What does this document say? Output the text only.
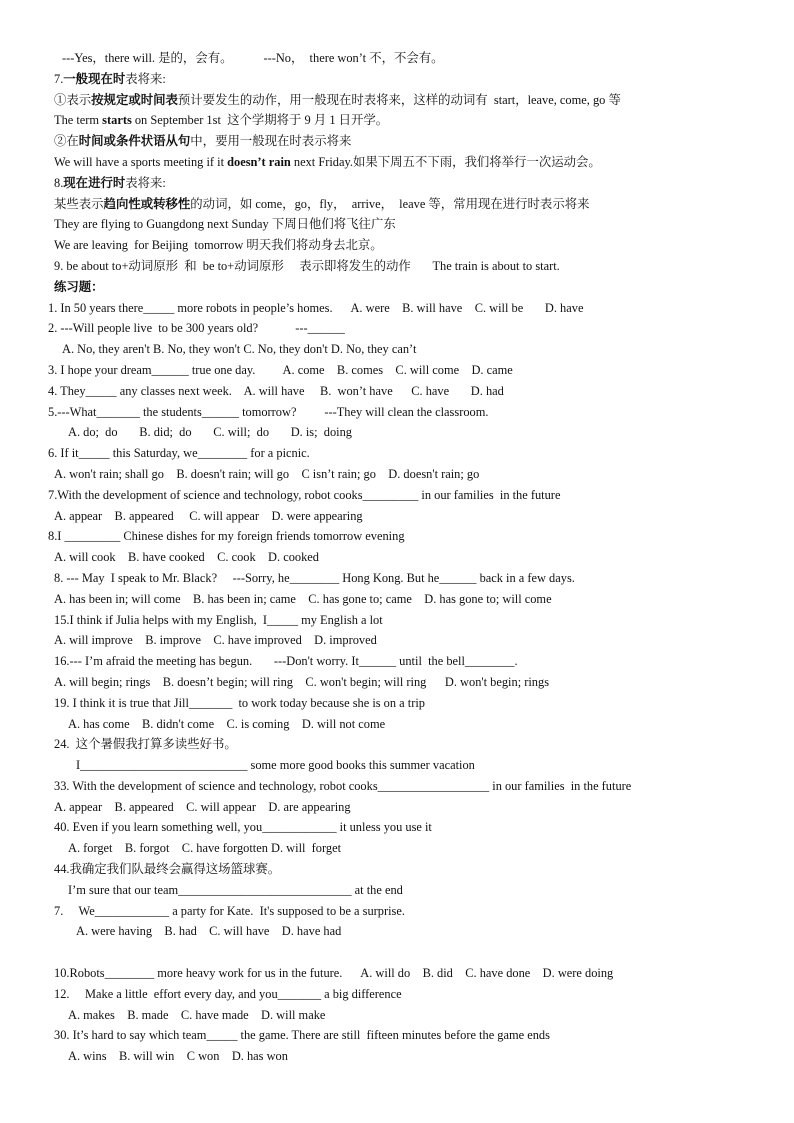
---Yes，there will. 是的，会有。          ---No，  there won’t 不，不会有。
7.一般现在时表将来:
①表示按规定或时间表预计要发生的动作，用一般现在时表将来，这样的动词有  start，leave, come, go 等
The term starts on September 1st  这个学期将于 9 月 1 日开学。
②在时间或条件状语从句中，要用一般现在时表示将来
We will have a sports meeting if it doesn’t rain next Friday.如果下周五不下雨，我们将举行一次运动会。
8.现在进行时表将来:
某些表示趋向性或转移性的动词，如 come，go，fly，  arrive，  leave 等，常用现在进行时表示将来
They are flying to Guangdong next Sunday 下周日他们将飞往广东
We are leaving  for Beijing  tomorrow 明天我们将动身去北京。
9. be about to+动词原形  和  be to+动词原形     表示即将发生的动作       The train is about to start.
练习题：
1. In 50 years there_____ more robots in people’s homes.      A. were    B. will have    C. will be       D. have
2. ---Will people live  to be 300 years old?            ---______
A. No, they aren't B. No, they won't C. No, they don't D. No, they can’t
3. I hope your dream______ true one day.         A. come    B. comes    C. will come    D. came
4. They_____ any classes next week.    A. will have     B.  won’t have      C. have       D. had
5.---What_______ the students______ tomorrow?         ---They will clean the classroom.
A. do;  do       B. did;  do       C. will;  do       D. is;  doing
6. If it_____ this Saturday, we________ for a picnic.
A. won't rain; shall go    B. doesn't rain; will go    C isn’t rain; go    D. doesn't rain; go
7.With the development of science and technology, robot cooks_________ in our families  in the future
A. appear    B. appeared     C. will appear    D. were appearing
8.I _________ Chinese dishes for my foreign friends tomorrow evening
A. will cook    B. have cooked    C. cook    D. cooked
8. --- May  I speak to Mr. Black?     ---Sorry, he________ Hong Kong. But he______ back in a few days.
A. has been in; will come    B. has been in; came    C. has gone to; came    D. has gone to; will come
15.I think if Julia helps with my English,  I_____ my English a lot
A. will improve    B. improve    C. have improved    D. improved
16.--- I’m afraid the meeting has begun.       ---Don't worry. It______ until  the bell________.
A. will begin; rings    B. doesn’t begin; will ring    C. won't begin; will ring      D. won't begin; rings
19. I think it is true that Jill_______  to work today because she is on a trip
A. has come    B. didn't come    C. is coming    D. will not come
24.  这个暑假我打算多读些好书。
I___________________________ some more good books this summer vacation
33. With the development of science and technology, robot cooks__________________ in our families  in the future
A. appear    B. appeared    C. will appear    D. are appearing
40. Even if you learn something well, you____________ it unless you use it
A. forget    B. forgot    C. have forgotten D. will  forget
44.我确定我们队最终会赢得这场篮球赛。
I’m sure that our team____________________________ at the end
7.     We____________ a party for Kate.  It's supposed to be a surprise.
A. were having    B. had    C. will have    D. have had
10.Robots________ more heavy work for us in the future.      A. will do    B. did    C. have done    D. were doing
12.     Make a little  effort every day, and you_______ a big difference
A. makes    B. made    C. have made    D. will make
30. It’s hard to say which team_____ the game. There are still  fifteen minutes before the game ends
A. wins    B. will win    C won    D. has won
